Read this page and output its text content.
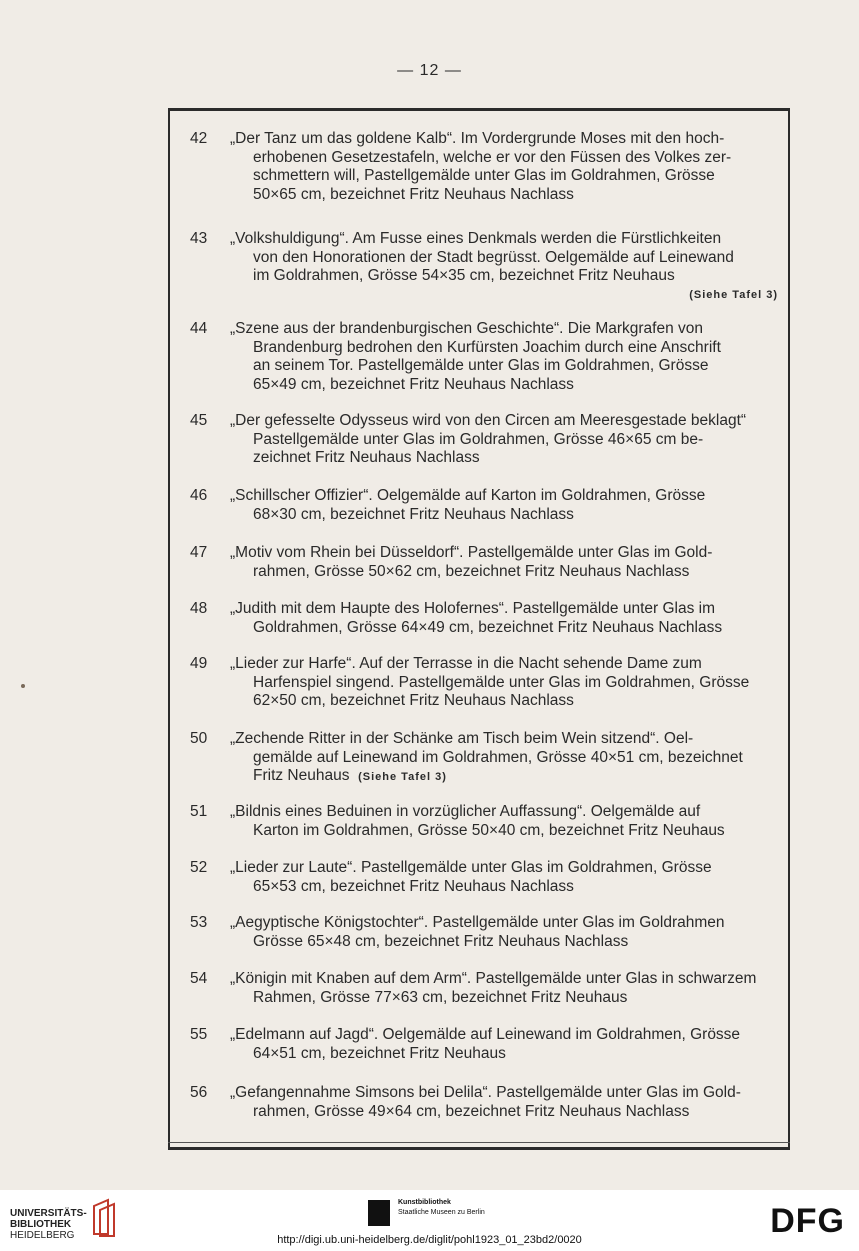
— 12 —
42	„Der Tanz um das goldene Kalb“. Im Vordergrunde Moses mit den hoch-
erhobenen Gesetzestafeln, welche er vor den Füssen des Volkes zer-
schmettern will, Pastellgemälde unter Glas im Goldrahmen, Grösse
50×65 cm, bezeichnet Fritz Neuhaus Nachlass
43	„Volkshuldigung“. Am Fusse eines Denkmals werden die Fürstlichkeiten
von den Honorationen der Stadt begrüsst. Oelgemälde auf Leinewand
im Goldrahmen, Grösse 54×35 cm, bezeichnet Fritz Neuhaus
(Siehe Tafel 3)
44	„Szene aus der brandenburgischen Geschichte“. Die Markgrafen von
Brandenburg bedrohen den Kurfürsten Joachim durch eine Anschrift
an seinem Tor. Pastellgemälde unter Glas im Goldrahmen, Grösse
65×49 cm, bezeichnet Fritz Neuhaus Nachlass
45	„Der gefesselte Odysseus wird von den Circen am Meeresgestade beklagt“
Pastellgemälde unter Glas im Goldrahmen, Grösse 46×65 cm be-
zeichnet Fritz Neuhaus Nachlass
46	„Schillscher Offizier“. Oelgemälde auf Karton im Goldrahmen, Grösse
68×30 cm, bezeichnet Fritz Neuhaus Nachlass
47	„Motiv vom Rhein bei Düsseldorf“. Pastellgemälde unter Glas im Gold-
rahmen, Grösse 50×62 cm, bezeichnet Fritz Neuhaus Nachlass
48	„Judith mit dem Haupte des Holofernes“. Pastellgemälde unter Glas im
Goldrahmen, Grösse 64×49 cm, bezeichnet Fritz Neuhaus Nachlass
49	„Lieder zur Harfe“. Auf der Terrasse in die Nacht sehende Dame zum
Harfenspiel singend. Pastellgemälde unter Glas im Goldrahmen, Grösse
62×50 cm, bezeichnet Fritz Neuhaus Nachlass
50	„Zechende Ritter in der Schänke am Tisch beim Wein sitzend“. Oel-
gemälde auf Leinewand im Goldrahmen, Grösse 40×51 cm, bezeichnet
Fritz Neuhaus (Siehe Tafel 3)
51	„Bildnis eines Beduinen in vorzüglicher Auffassung“. Oelgemälde auf
Karton im Goldrahmen, Grösse 50×40 cm, bezeichnet Fritz Neuhaus
52	„Lieder zur Laute“. Pastellgemälde unter Glas im Goldrahmen, Grösse
65×53 cm, bezeichnet Fritz Neuhaus Nachlass
53	„Aegyptische Königstochter“. Pastellgemälde unter Glas im Goldrahmen
Grösse 65×48 cm, bezeichnet Fritz Neuhaus Nachlass
54	„Königin mit Knaben auf dem Arm“. Pastellgemälde unter Glas in schwarzem
Rahmen, Grösse 77×63 cm, bezeichnet Fritz Neuhaus
55	„Edelmann auf Jagd“. Oelgemälde auf Leinewand im Goldrahmen, Grösse
64×51 cm, bezeichnet Fritz Neuhaus
56	„Gefangennahme Simsons bei Delila“. Pastellgemälde unter Glas im Gold-
rahmen, Grösse 49×64 cm, bezeichnet Fritz Neuhaus Nachlass
UNIVERSITÄTS-
BIBLIOTHEK
HEIDELBERG
Kunstbibliothek
Staatliche Museen zu Berlin	DFG
http://digi.ub.uni-heidelberg.de/diglit/pohl1923_01_23bd2/0020
